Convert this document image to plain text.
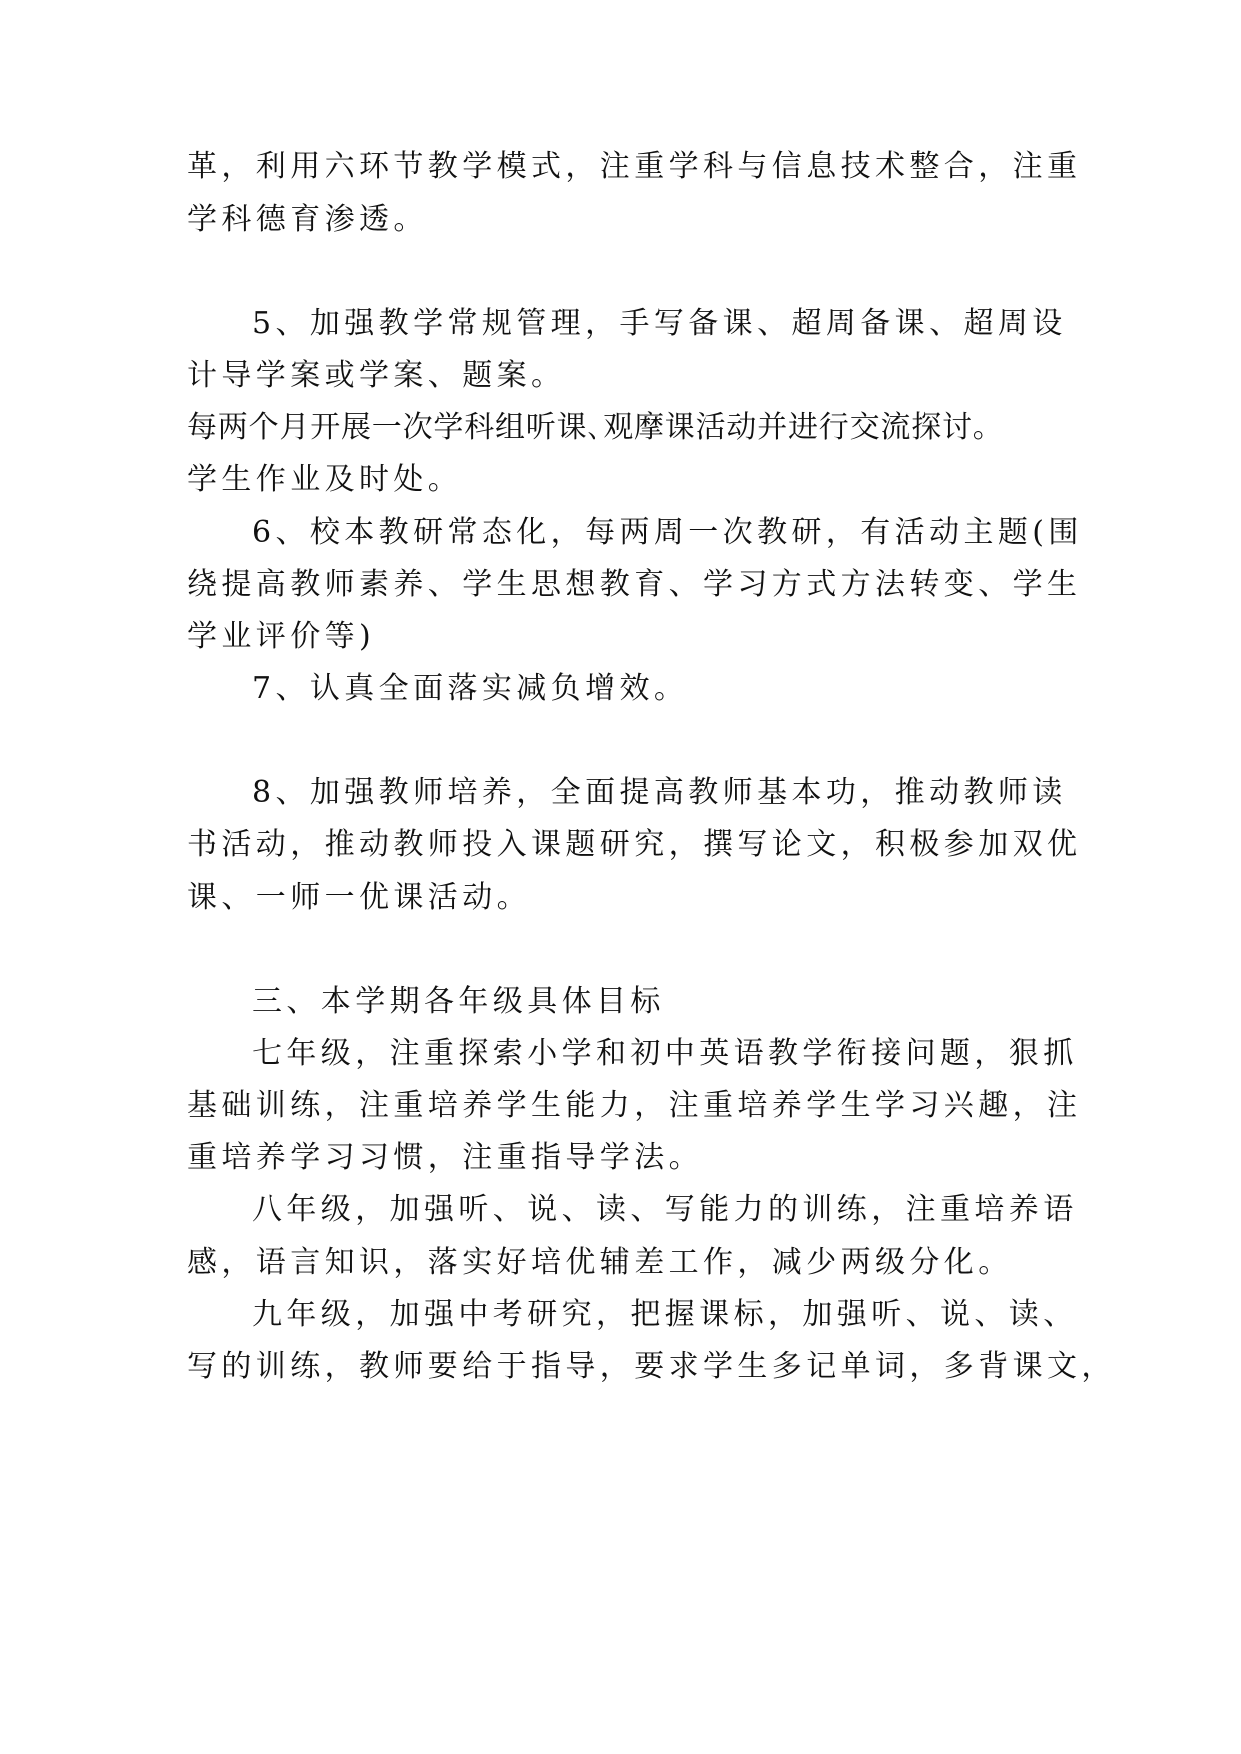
革，利用六环节教学模式，注重学科与信息技术整合，注重
学科德育渗透。
5、加强教学常规管理，手写备课、超周备课、超周设
计导学案或学案、题案。
每两个月开展一次学科组听课､观摩课活动并进行交流探讨。
学生作业及时处。
6、校本教研常态化，每两周一次教研，有活动主题(围
绕提高教师素养、学生思想教育、学习方式方法转变、学生
学业评价等)
7、认真全面落实减负增效。
8、加强教师培养，全面提高教师基本功，推动教师读
书活动，推动教师投入课题研究，撰写论文，积极参加双优
课、一师一优课活动。
三、本学期各年级具体目标
七年级，注重探索小学和初中英语教学衔接问题，狠抓
基础训练，注重培养学生能力，注重培养学生学习兴趣，注
重培养学习习惯，注重指导学法。
八年级，加强听、说、读、写能力的训练，注重培养语
感，语言知识，落实好培优辅差工作，减少两级分化。
九年级，加强中考研究，把握课标，加强听、说、读、
写的训练，教师要给于指导，要求学生多记单词，多背课文，
